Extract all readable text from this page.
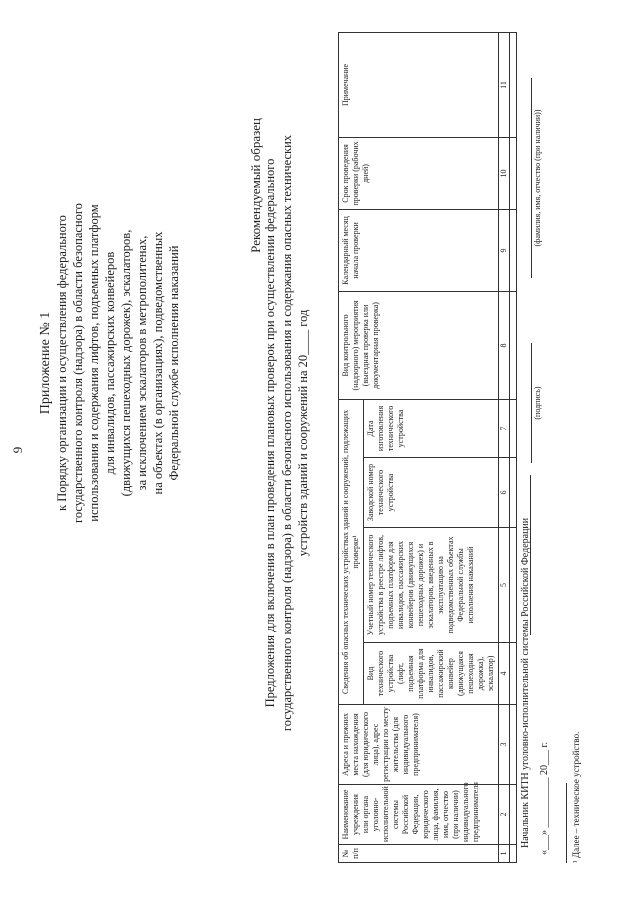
9
Приложение № 1 к Порядку организации и осуществления федерального государственного контроля (надзора) в области безопасного использования и содержания лифтов, подъемных платформ для инвалидов, пассажирских конвейеров (движущихся пешеходных дорожек), эскалаторов, за исключением эскалаторов в метрополитенах, на объектах (в организациях), подведомственных Федеральной службе исполнения наказаний
Рекомендуемый образец Предложения для включения в план проведения плановых проверок при осуществлении федерального государственного контроля (надзора) в области безопасного использования и содержания опасных технических устройств зданий и сооружений на 20____ год
№ п/п	Наименование учреждения или органа уголовно-исполнительной системы Российской Федерации, юридического лица, фамилия, имя, отчество (при наличии) индивидуального предпринимателя	Адреса и прежних места нахождения (для юридического лица), адрес регистрации по месту жительства (для индивидуального предпринимателя)	Сведения об опасных технических устройствах зданий и сооружений, подлежащих проверке¹				Вид контрольного (надзорного) мероприятия (выездная проверка или документарная проверка)	Календарный месяц начала проверки	Срок проведения проверки (рабочих дней)	Примечание
			Вид технического устройства (лифт, подъемная платформа для инвалидов, пассажирский конвейер (движущаяся пешеходная дорожка), эскалатор)	Учетный номер технического устройства в реестре лифтов, подъемных платформ для инвалидов, пассажирских конвейеров (движущихся пешеходных дорожек) и эскалаторов, введенных в эксплуатацию на подведомственных объектах Федеральной службы исполнения наказаний	Заводской номер технического устройства	Дата изготовления технического устройства				
1	2	3	4	5	6	7	8	9	10	11

Начальник КИТН уголовно-исполнительной системы Российской Федерации «___» __________ 20___ г.
(подпись)
(фамилия, имя, отчество (при наличии))
¹ Далее – техническое устройство.
